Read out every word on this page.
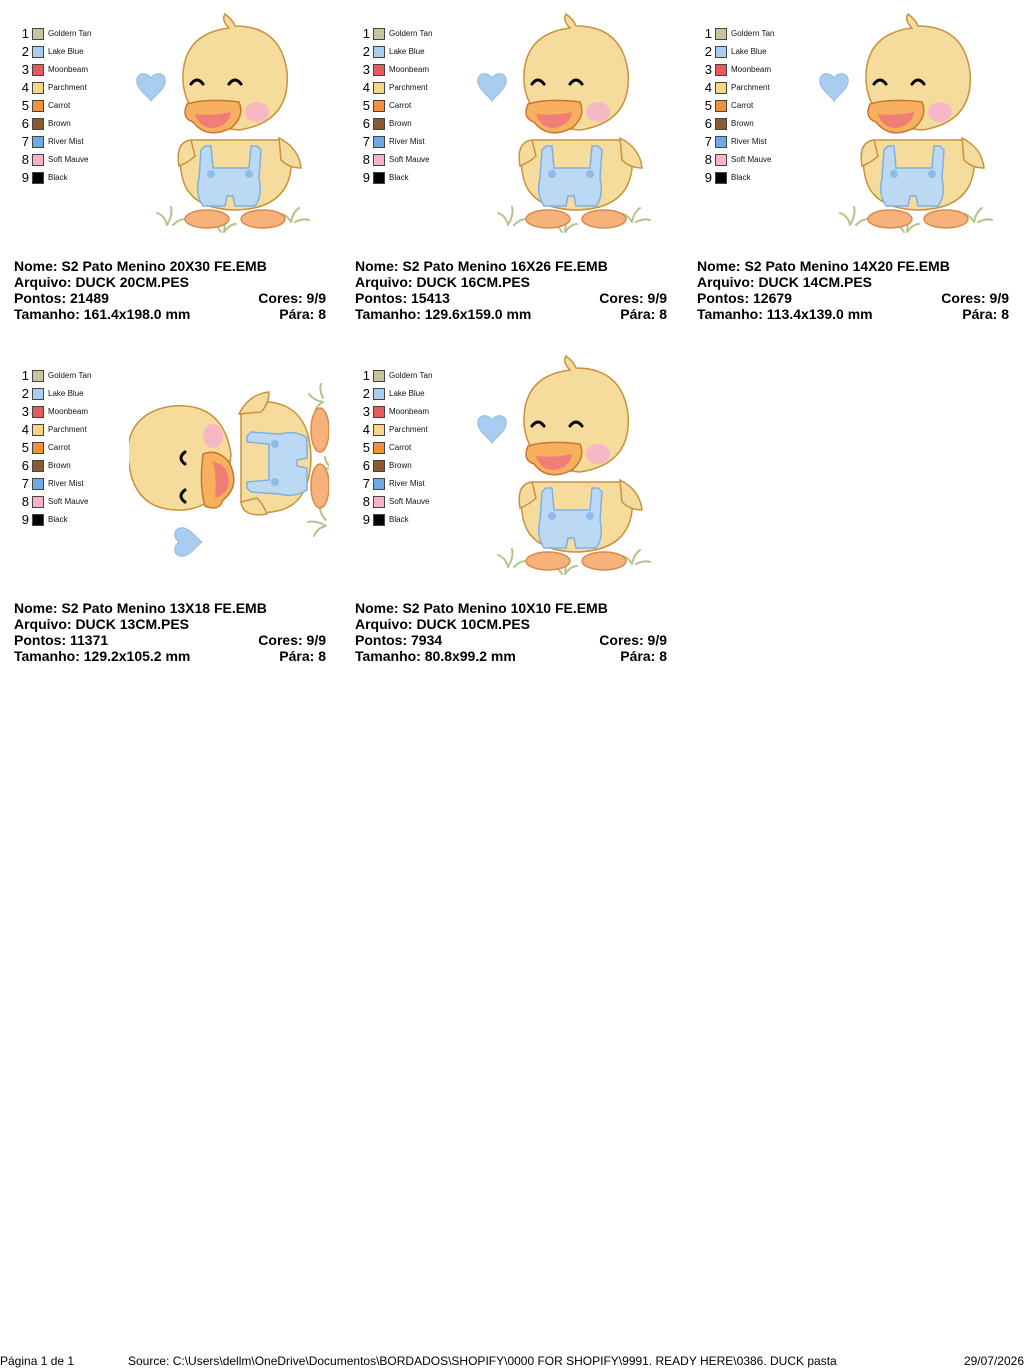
1 Goldern Tan
2 Lake Blue
3 Moonbeam
4 Parchment
5 Carrot
6 Brown
7 River Mist
8 Soft Mauve
9 Black
Nome: S2 Pato Menino 20X30 FE.EMB
Arquivo: DUCK 20CM.PES
Pontos: 21489	Cores: 9/9
Tamanho: 161.4x198.0 mm	Pára: 8
1 Goldern Tan
2 Lake Blue
3 Moonbeam
4 Parchment
5 Carrot
6 Brown
7 River Mist
8 Soft Mauve
9 Black
Nome: S2 Pato Menino 16X26 FE.EMB
Arquivo: DUCK 16CM.PES
Pontos: 15413	Cores: 9/9
Tamanho: 129.6x159.0 mm	Pára: 8
1 Goldern Tan
2 Lake Blue
3 Moonbeam
4 Parchment
5 Carrot
6 Brown
7 River Mist
8 Soft Mauve
9 Black
Nome: S2 Pato Menino 14X20 FE.EMB
Arquivo: DUCK 14CM.PES
Pontos: 12679	Cores: 9/9
Tamanho: 113.4x139.0 mm	Pára: 8
1 Goldern Tan
2 Lake Blue
3 Moonbeam
4 Parchment
5 Carrot
6 Brown
7 River Mist
8 Soft Mauve
9 Black
Nome: S2 Pato Menino 13X18 FE.EMB
Arquivo: DUCK 13CM.PES
Pontos: 11371	Cores: 9/9
Tamanho: 129.2x105.2 mm	Pára: 8
1 Goldern Tan
2 Lake Blue
3 Moonbeam
4 Parchment
5 Carrot
6 Brown
7 River Mist
8 Soft Mauve
9 Black
Nome: S2 Pato Menino 10X10 FE.EMB
Arquivo: DUCK 10CM.PES
Pontos: 7934	Cores: 9/9
Tamanho: 80.8x99.2 mm	Pára: 8
Página 1 de 1	Source: C:\Users\dellm\OneDrive\Documentos\BORDADOS\SHOPIFY\0000 FOR SHOPIFY\9991. READY HERE\0386. DUCK pasta	29/07/2026
